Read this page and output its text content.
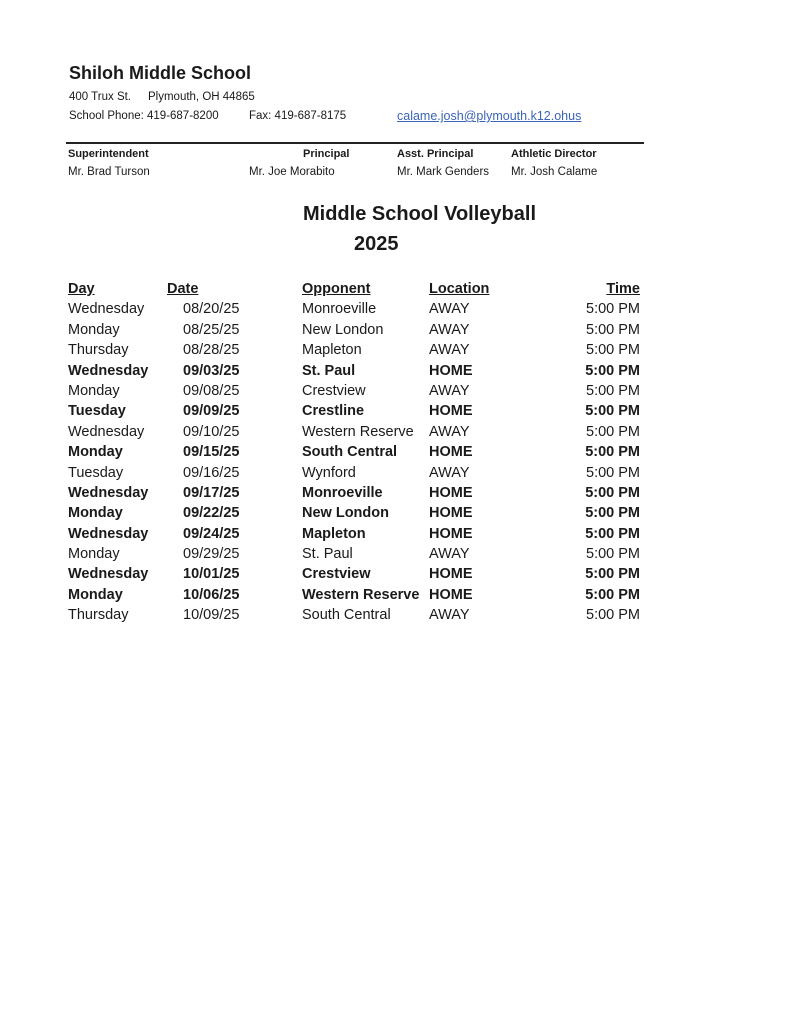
Shiloh Middle School
400 Trux St. Plymouth, OH 44865
School Phone: 419-687-8200	Fax: 419-687-8175	calame.josh@plymouth.k12.ohus
Superintendent
Mr. Brad Turson
Principal
Mr. Joe Morabito
Asst. Principal
Mr. Mark Genders
Athletic Director
Mr. Josh Calame
Middle School Volleyball
2025
Day	Date	Opponent	Location	Time
Wednesday	08/20/25	Monroeville	AWAY	5:00 PM
Monday	08/25/25	New London	AWAY	5:00 PM
Thursday	08/28/25	Mapleton	AWAY	5:00 PM
Wednesday 09/03/25	St. Paul	HOME	5:00 PM
Monday	09/08/25	Crestview	AWAY	5:00 PM
Tuesday	09/09/25	Crestline	HOME	5:00 PM
Wednesday	09/10/25	Western Reserve AWAY	5:00 PM
Monday	09/15/25	South Central HOME	5:00 PM
Tuesday	09/16/25	Wynford	AWAY	5:00 PM
Wednesday 09/17/25	Monroeville	HOME	5:00 PM
Monday	09/22/25	New London	HOME	5:00 PM
Wednesday 09/24/25	Mapleton	HOME	5:00 PM
Monday	09/29/25	St. Paul	AWAY	5:00 PM
Wednesday 10/01/25	Crestview	HOME	5:00 PM
Monday	10/06/25	Western Reserve HOME	5:00 PM
Thursday	10/09/25	South Central	AWAY	5:00 PM
